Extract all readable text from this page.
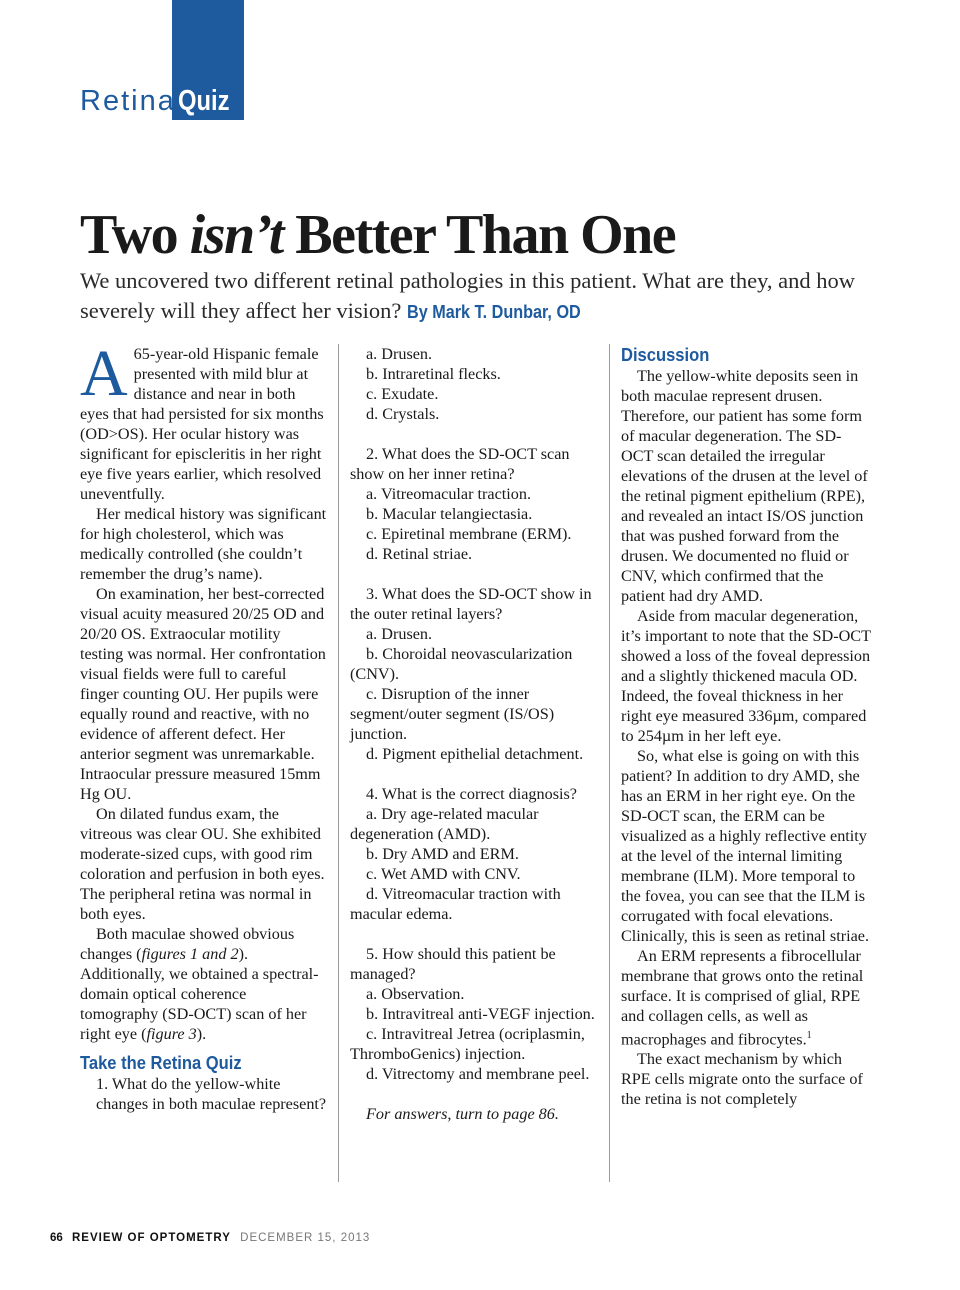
Retina Quiz
Two isn’t Better Than One
We uncovered two different retinal pathologies in this patient. What are they, and how severely will they affect her vision? By Mark T. Dunbar, OD

A 65-year-old Hispanic female presented with mild blur at distance and near in both eyes that had persisted for six months (OD>OS). Her ocular history was significant for episcleritis in her right eye five years earlier, which resolved uneventfully.

Her medical history was significant for high cholesterol, which was medically controlled (she couldn’t remember the drug’s name).

On examination, her best-corrected visual acuity measured 20/25 OD and 20/20 OS. Extraocular motility testing was normal. Her confrontation visual fields were full to careful finger counting OU. Her pupils were equally round and reactive, with no evidence of afferent defect. Her anterior segment was unremarkable. Intraocular pressure measured 15mm Hg OU.

On dilated fundus exam, the vitreous was clear OU. She exhibited moderate-sized cups, with good rim coloration and perfusion in both eyes. The peripheral retina was normal in both eyes.

Both maculae showed obvious changes (figures 1 and 2). Additionally, we obtained a spectral-domain optical coherence tomography (SD-OCT) scan of her right eye (figure 3).

Take the Retina Quiz

1. What do the yellow-white changes in both maculae represent?
a. Drusen.
b. Intraretinal flecks.
c. Exudate.
d. Crystals.
2. What does the SD-OCT scan show on her inner retina?
a. Vitreomacular traction.
b. Macular telangiectasia.
c. Epiretinal membrane (ERM).
d. Retinal striae.
3. What does the SD-OCT show in the outer retinal layers?
a. Drusen.
b. Choroidal neovascularization (CNV).
c. Disruption of the inner segment/outer segment (IS/OS) junction.
d. Pigment epithelial detachment.
4. What is the correct diagnosis?
a. Dry age-related macular degeneration (AMD).
b. Dry AMD and ERM.
c. Wet AMD with CNV.
d. Vitreomacular traction with macular edema.
5. How should this patient be managed?
a. Observation.
b. Intravitreal anti-VEGF injection.
c. Intravitreal Jetrea (ocriplasmin, ThromboGenics) injection.
d. Vitrectomy and membrane peel.
For answers, turn to page 86.

Discussion

The yellow-white deposits seen in both maculae represent drusen. Therefore, our patient has some form of macular degeneration. The SD-OCT scan detailed the irregular elevations of the drusen at the level of the retinal pigment epithelium (RPE), and revealed an intact IS/OS junction that was pushed forward from the drusen. We documented no fluid or CNV, which confirmed that the patient had dry AMD.

Aside from macular degeneration, it’s important to note that the SD-OCT showed a loss of the foveal depression and a slightly thickened macula OD. Indeed, the foveal thickness in her right eye measured 336µm, compared to 254µm in her left eye.

So, what else is going on with this patient? In addition to dry AMD, she has an ERM in her right eye. On the SD-OCT scan, the ERM can be visualized as a highly reflective entity at the level of the internal limiting membrane (ILM). More temporal to the fovea, you can see that the ILM is corrugated with focal elevations. Clinically, this is seen as retinal striae.

An ERM represents a fibrocellular membrane that grows onto the retinal surface. It is comprised of glial, RPE and collagen cells, as well as macrophages and fibrocytes.$^1$

The exact mechanism by which RPE cells migrate onto the surface of the retina is not completely

66 REVIEW OF OPTOMETRY DECEMBER 15, 2013
